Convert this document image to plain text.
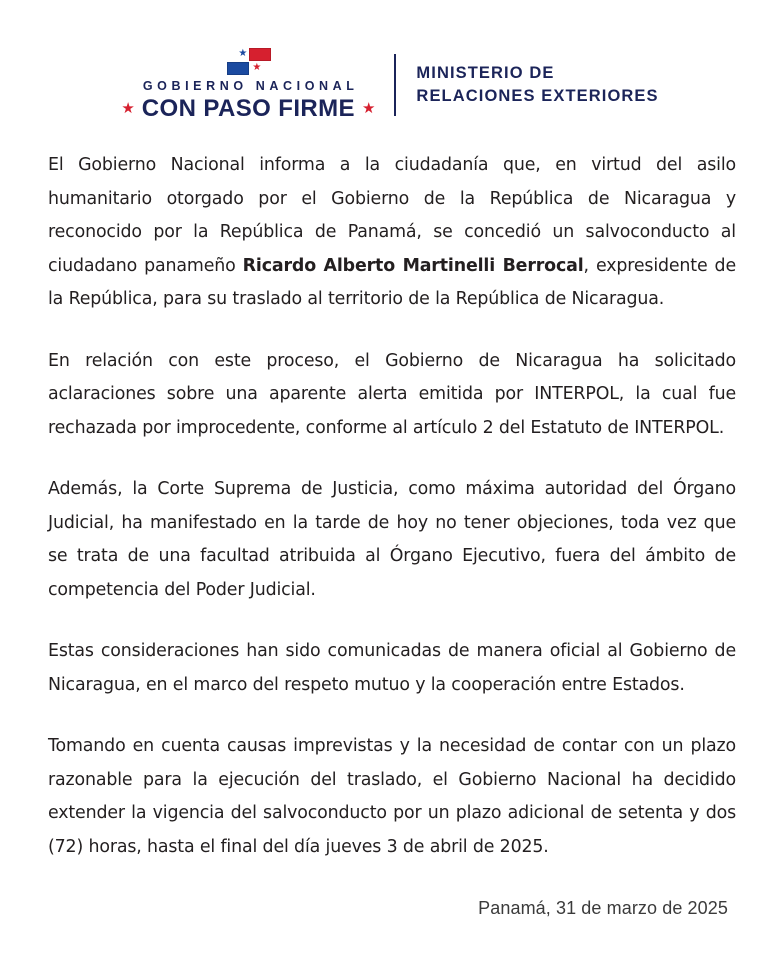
★
★
GOBIERNO NACIONAL
★ CON PASO FIRME ★
MINISTERIO DE
RELACIONES EXTERIORES

El Gobierno Nacional informa a la ciudadanía que, en virtud del asilo humanitario otorgado por el Gobierno de la República de Nicaragua y reconocido por la República de Panamá, se concedió un salvoconducto al ciudadano panameño Ricardo Alberto Martinelli Berrocal, expresidente de la República, para su traslado al territorio de la República de Nicaragua.

En relación con este proceso, el Gobierno de Nicaragua ha solicitado aclaraciones sobre una aparente alerta emitida por INTERPOL, la cual fue rechazada por improcedente, conforme al artículo 2 del Estatuto de INTERPOL.

Además, la Corte Suprema de Justicia, como máxima autoridad del Órgano Judicial, ha manifestado en la tarde de hoy no tener objeciones, toda vez que se trata de una facultad atribuida al Órgano Ejecutivo, fuera del ámbito de competencia del Poder Judicial.

Estas consideraciones han sido comunicadas de manera oficial al Gobierno de Nicaragua, en el marco del respeto mutuo y la cooperación entre Estados.

Tomando en cuenta causas imprevistas y la necesidad de contar con un plazo razonable para la ejecución del traslado, el Gobierno Nacional ha decidido extender la vigencia del salvoconducto por un plazo adicional de setenta y dos (72) horas, hasta el final del día jueves 3 de abril de 2025.

Panamá, 31 de marzo de 2025
